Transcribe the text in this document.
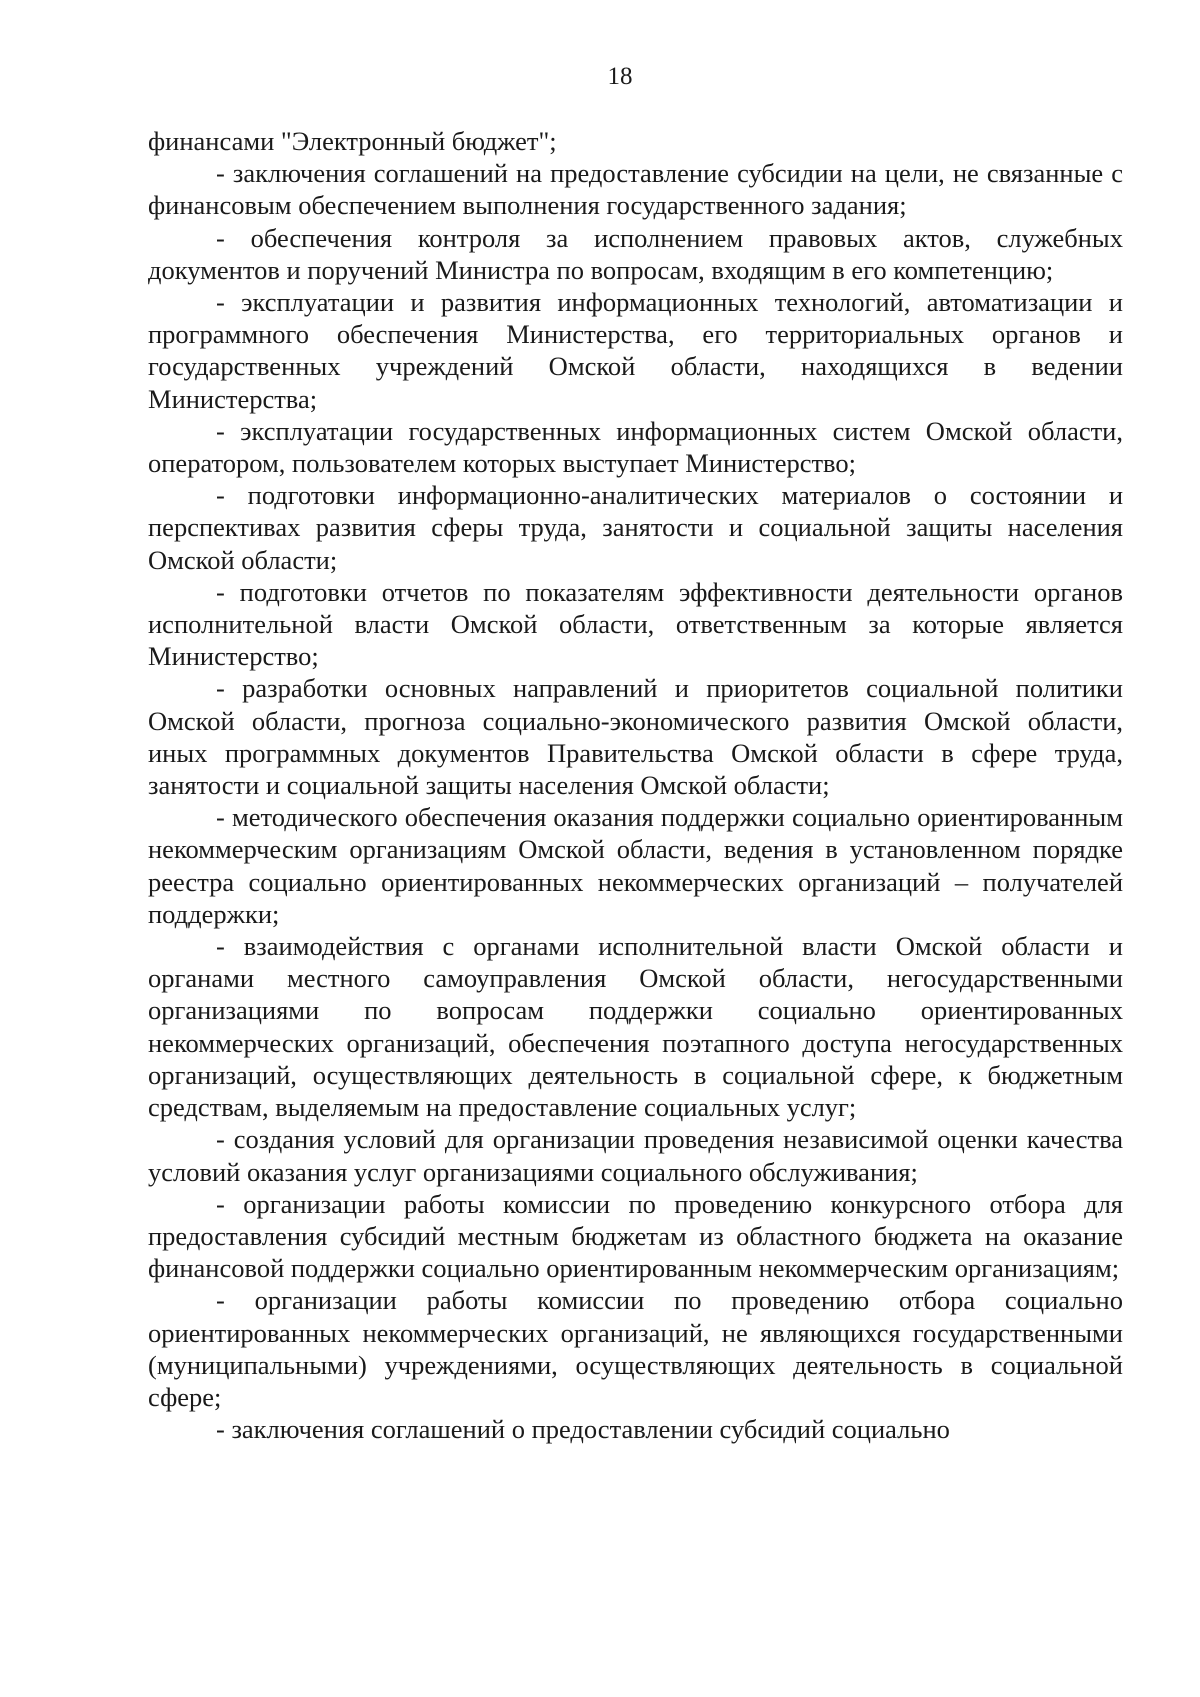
18

финансами "Электронный бюджет";

- заключения соглашений на предоставление субсидии на цели, не связанные с финансовым обеспечением выполнения государственного задания;

- обеспечения контроля за исполнением правовых актов, служебных документов и поручений Министра по вопросам, входящим в его компетенцию;

- эксплуатации и развития информационных технологий, автоматизации и программного обеспечения Министерства, его территориальных органов и государственных учреждений Омской области, находящихся в ведении Министерства;

- эксплуатации государственных информационных систем Омской области, оператором, пользователем которых выступает Министерство;

- подготовки информационно-аналитических материалов о состоянии и перспективах развития сферы труда, занятости и социальной защиты населения Омской области;

- подготовки отчетов по показателям эффективности деятельности органов исполнительной власти Омской области, ответственным за которые является Министерство;

- разработки основных направлений и приоритетов социальной политики Омской области, прогноза социально-экономического развития Омской области, иных программных документов Правительства Омской области в сфере труда, занятости и социальной защиты населения Омской области;

- методического обеспечения оказания поддержки социально ориентированным некоммерческим организациям Омской области, ведения в установленном порядке реестра социально ориентированных некоммерческих организаций – получателей поддержки;

- взаимодействия с органами исполнительной власти Омской области и органами местного самоуправления Омской области, негосударственными организациями по вопросам поддержки социально ориентированных некоммерческих организаций, обеспечения поэтапного доступа негосударственных организаций, осуществляющих деятельность в социальной сфере, к бюджетным средствам, выделяемым на предоставление социальных услуг;

- создания условий для организации проведения независимой оценки качества условий оказания услуг организациями социального обслуживания;

- организации работы комиссии по проведению конкурсного отбора для предоставления субсидий местным бюджетам из областного бюджета на оказание финансовой поддержки социально ориентированным некоммерческим организациям;

- организации работы комиссии по проведению отбора социально ориентированных некоммерческих организаций, не являющихся государственными (муниципальными) учреждениями, осуществляющих деятельность в социальной сфере;

- заключения соглашений о предоставлении субсидий социально
